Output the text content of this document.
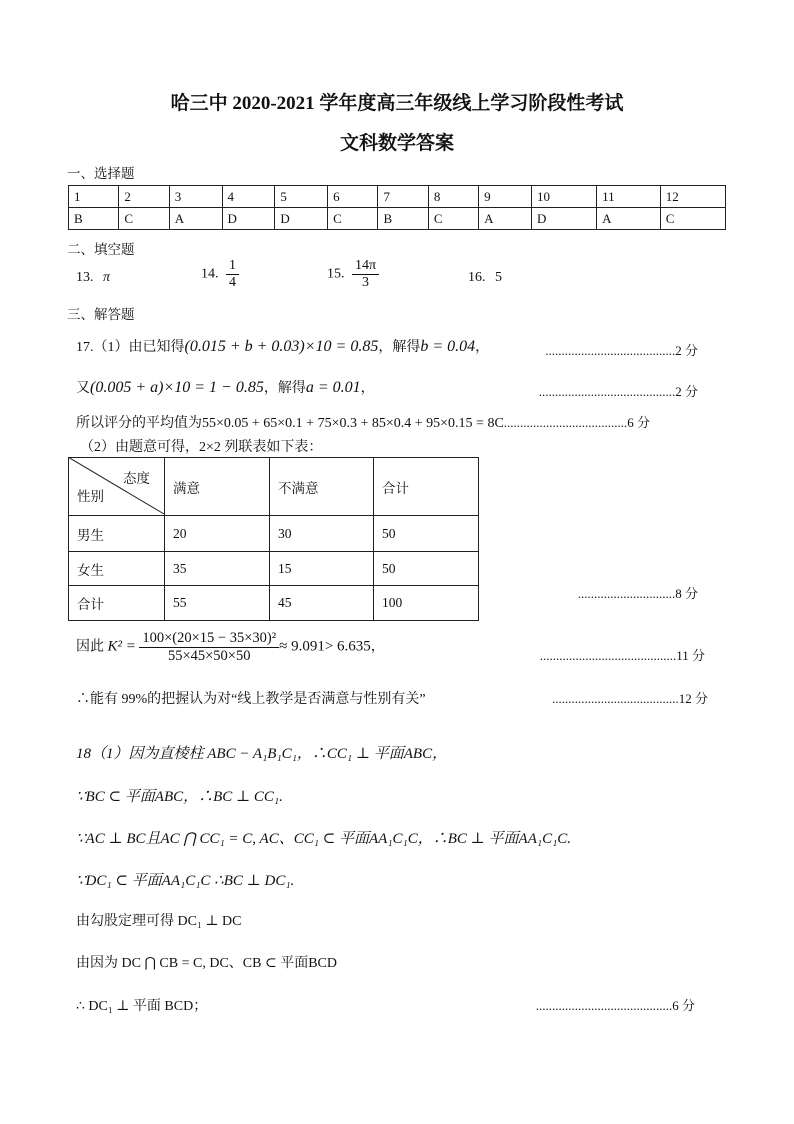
哈三中 2020-2021 学年度高三年级线上学习阶段性考试
文科数学答案
一、选择题
1	2	3	4	5	6	7	8	9	10	11	12
B	C	A	D	D	C	B	C	A	D	A	C
二、填空题
13. π	14. $\frac{1}{4}$	15. $\frac{14\pi}{3}$	16. 5
三、解答题
17.（1）由已知得(0.015 + b + 0.03)×10 = 0.85，解得b = 0.04，	........................................2 分
又(0.005 + a)×10 = 1 − 0.85，解得a = 0.01，	..........................................2 分
所以评分的平均值为55×0.05 + 65×0.1 + 75×0.3 + 85×0.4 + 95×0.15 = 8C......................................6 分
（2）由题意可得，2×2 列联表如下表：
态度
性别	满意	不满意	合计
男生	20	30	50
女生	35	15	50
合计	55	45	100
..............................8 分
因此 $K^2 = \frac{\text{100×(20×15 − 35×30)²}}{55\times 45\times 50\times 50} \approx 9.091> 6.635$，
..........................................11 分
∴能有 99%的把握认为对“线上教学是否满意与性别有关”	.......................................12 分
18（1）因为直棱柱 ABC − A₁B₁C₁，∴CC₁ ⊥ 平面ABC，
∵BC ⊂ 平面ABC，∴BC ⊥ CC₁.
∵AC ⊥ BC且AC ⋂ CC₁ = C, AC、CC₁ ⊂ 平面AA₁C₁C，∴BC ⊥ 平面AA₁C₁C.
∵DC₁ ⊂ 平面AA₁C₁C ∴BC ⊥ DC₁.
由勾股定理可得 DC₁ ⊥ DC
由因为 DC ⋂ CB = C, DC、CB ⊂ 平面BCD
∴ DC₁ ⊥ 平面 BCD；	..........................................6 分
